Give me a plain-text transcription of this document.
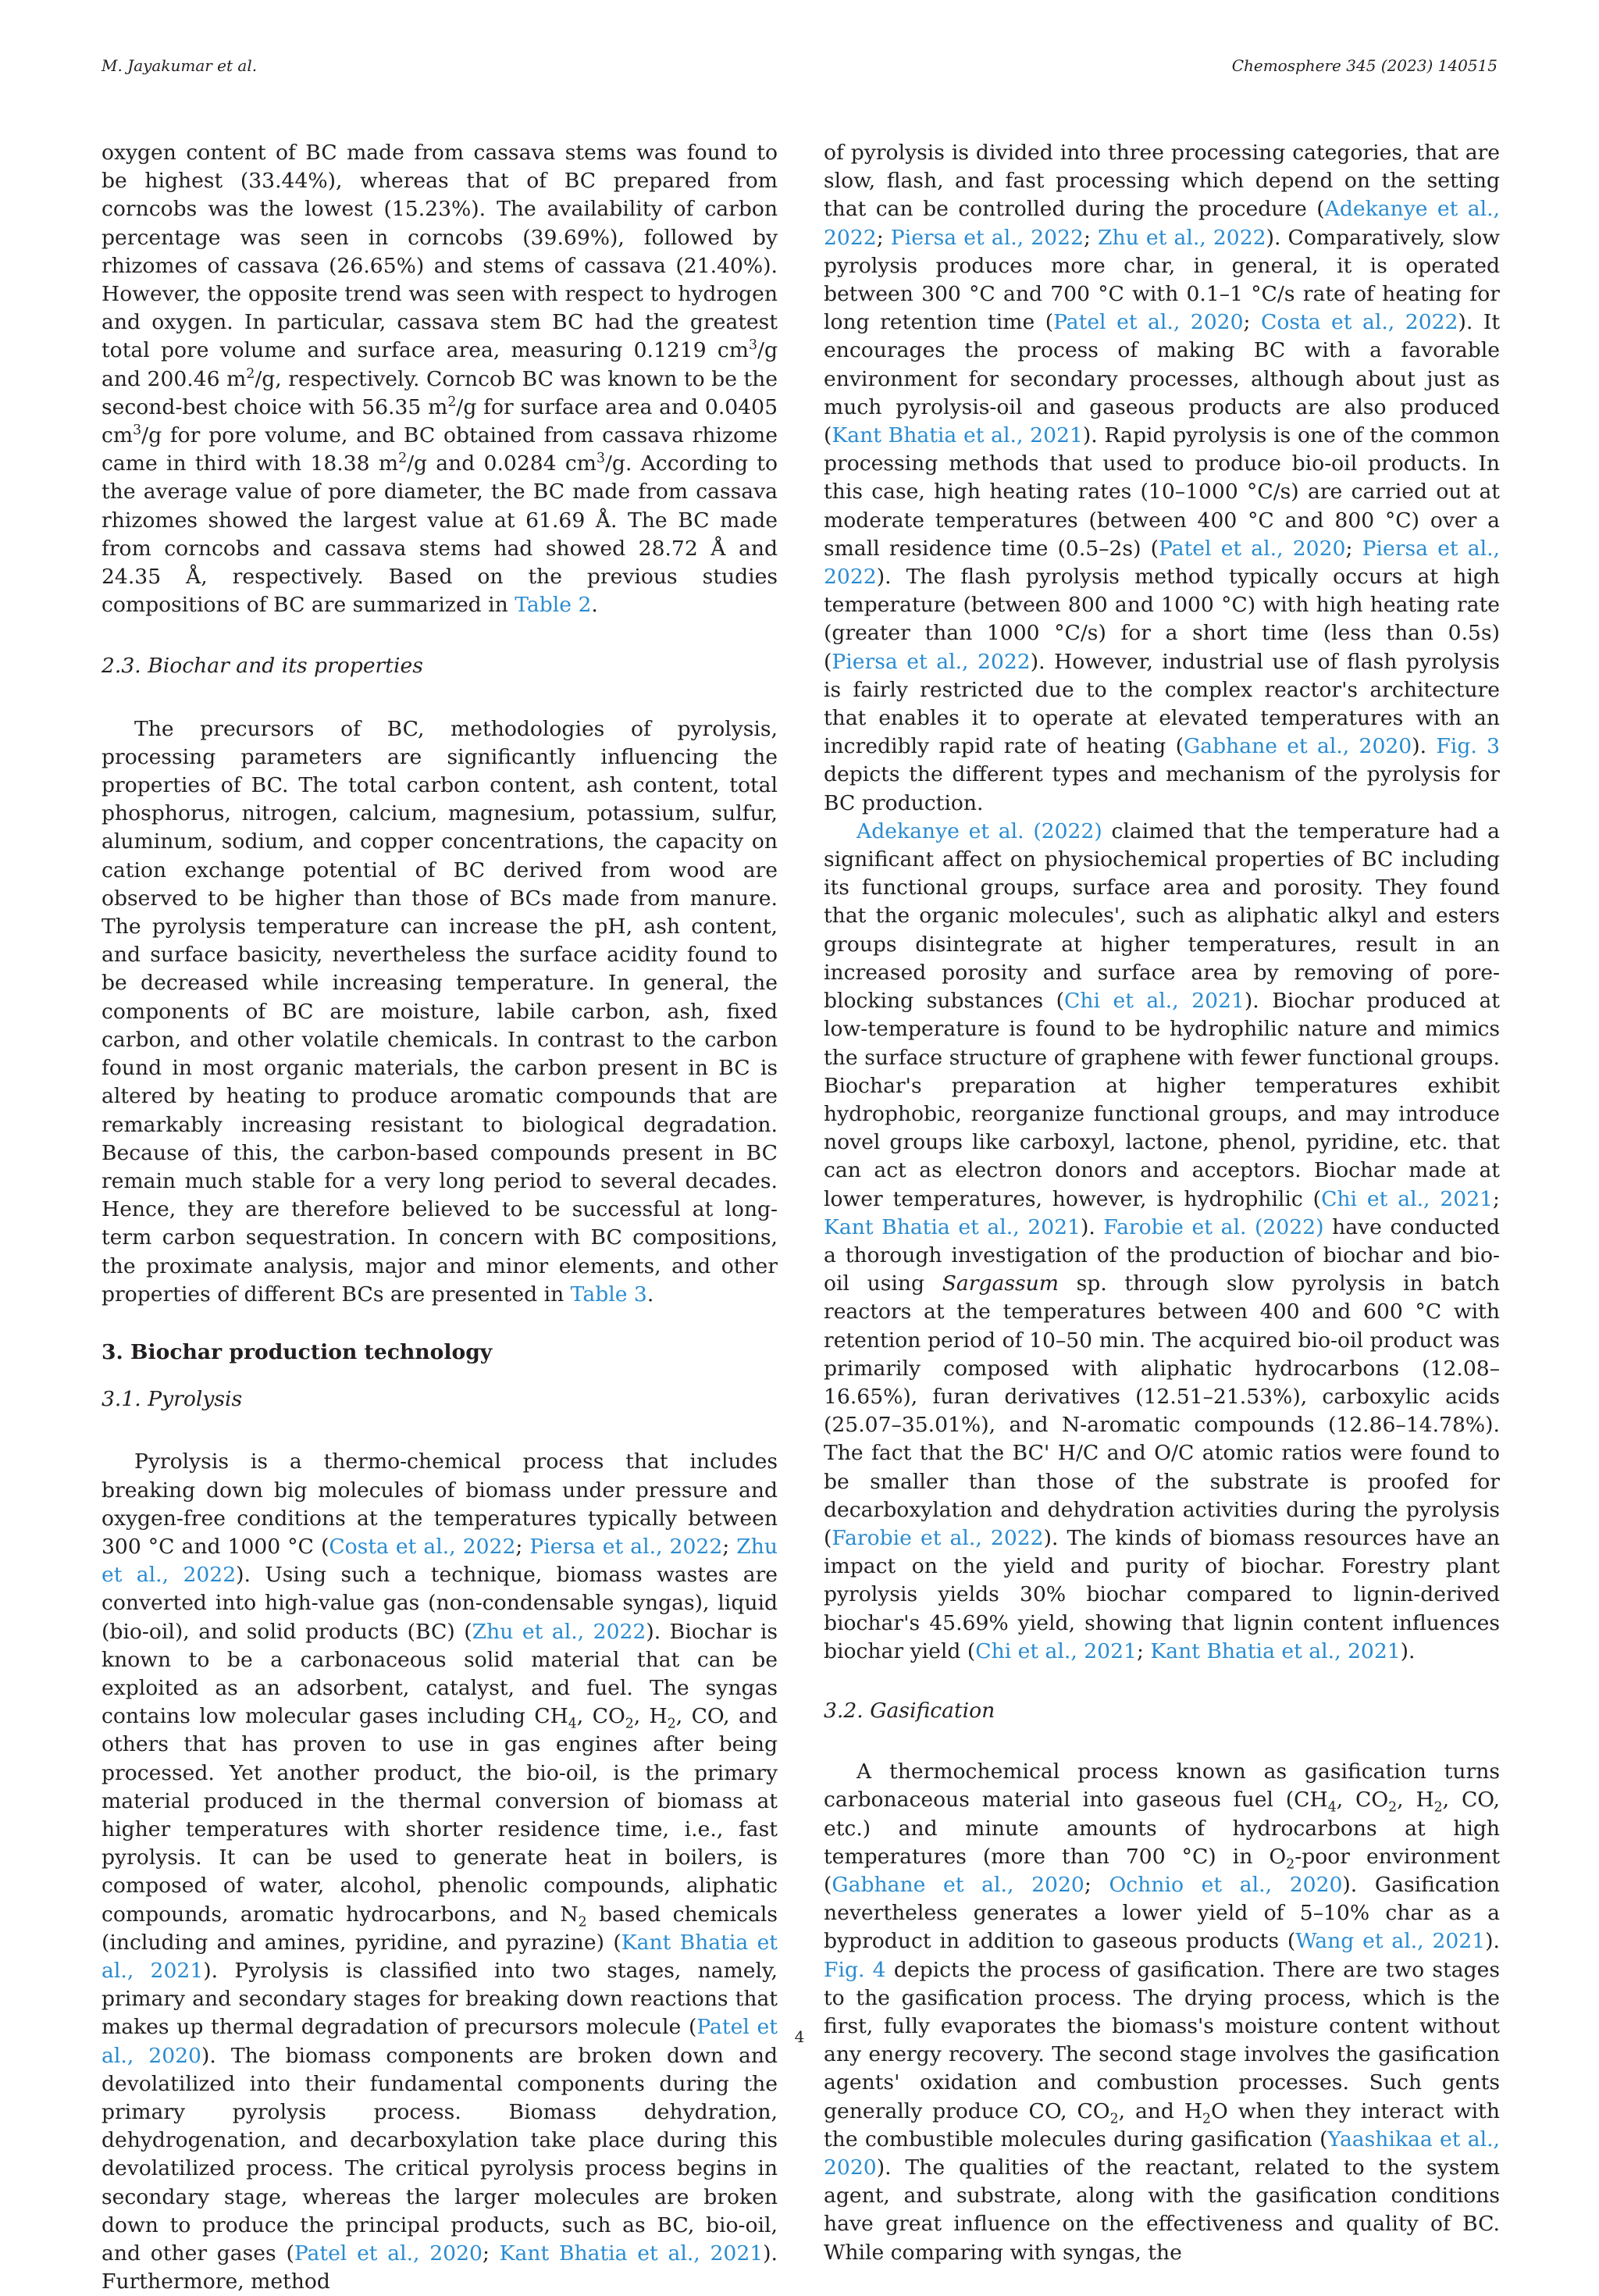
M. Jayakumar et al.	Chemosphere 345 (2023) 140515

oxygen content of BC made from cassava stems was found to be highest (33.44%), whereas that of BC prepared from corncobs was the lowest (15.23%). The availability of carbon percentage was seen in corncobs (39.69%), followed by rhizomes of cassava (26.65%) and stems of cassava (21.40%). However, the opposite trend was seen with respect to hydrogen and oxygen. In particular, cassava stem BC had the greatest total pore volume and surface area, measuring 0.1219 $cm^3/g$ and 200.46 $m^2/g$, respectively. Corncob BC was known to be the second-best choice with 56.35 $m^2/g$ for surface area and 0.0405 $cm^3/g$ for pore volume, and BC obtained from cassava rhizome came in third with 18.38 $m^2/g$ and 0.0284 $cm^3/g$. According to the average value of pore diameter, the BC made from cassava rhizomes showed the largest value at 61.69 Å. The BC made from corncobs and cassava stems had showed 28.72 Å and 24.35 Å, respectively. Based on the previous studies compositions of BC are summarized in Table 2.

2.3. Biochar and its properties

The precursors of BC, methodologies of pyrolysis, processing parameters are significantly influencing the properties of BC. The total carbon content, ash content, total phosphorus, nitrogen, calcium, magnesium, potassium, sulfur, aluminum, sodium, and copper concentrations, the capacity on cation exchange potential of BC derived from wood are observed to be higher than those of BCs made from manure. The pyrolysis temperature can increase the pH, ash content, and surface basicity, nevertheless the surface acidity found to be decreased while increasing temperature. In general, the components of BC are moisture, labile carbon, ash, fixed carbon, and other volatile chemicals. In contrast to the carbon found in most organic materials, the carbon present in BC is altered by heating to produce aromatic compounds that are remarkably increasing resistant to biological degradation. Because of this, the carbon-based compounds present in BC remain much stable for a very long period to several decades. Hence, they are therefore believed to be successful at long-term carbon sequestration. In concern with BC compositions, the proximate analysis, major and minor elements, and other properties of different BCs are presented in Table 3.

3. Biochar production technology
3.1. Pyrolysis

Pyrolysis is a thermo-chemical process that includes breaking down big molecules of biomass under pressure and oxygen-free conditions at the temperatures typically between 300 °C and 1000 °C (Costa et al., 2022; Piersa et al., 2022; Zhu et al., 2022). Using such a technique, biomass wastes are converted into high-value gas (non-condensable syngas), liquid (bio-oil), and solid products (BC) (Zhu et al., 2022). Biochar is known to be a carbonaceous solid material that can be exploited as an adsorbent, catalyst, and fuel. The syngas contains low molecular gases including $CH_4$, $CO_2$, $H_2$, CO, and others that has proven to use in gas engines after being processed. Yet another product, the bio-oil, is the primary material produced in the thermal conversion of biomass at higher temperatures with shorter residence time, i.e., fast pyrolysis. It can be used to generate heat in boilers, is composed of water, alcohol, phenolic compounds, aliphatic compounds, aromatic hydrocarbons, and $N_2$ based chemicals (including and amines, pyridine, and pyrazine) (Kant Bhatia et al., 2021). Pyrolysis is classified into two stages, namely, primary and secondary stages for breaking down reactions that makes up thermal degradation of precursors molecule (Patel et al., 2020). The biomass components are broken down and devolatilized into their fundamental components during the primary pyrolysis process. Biomass dehydration, dehydrogenation, and decarboxylation take place during this devolatilized process. The critical pyrolysis process begins in secondary stage, whereas the larger molecules are broken down to produce the principal products, such as BC, bio-oil, and other gases (Patel et al., 2020; Kant Bhatia et al., 2021). Furthermore, method

of pyrolysis is divided into three processing categories, that are slow, flash, and fast processing which depend on the setting that can be controlled during the procedure (Adekanye et al., 2022; Piersa et al., 2022; Zhu et al., 2022). Comparatively, slow pyrolysis produces more char, in general, it is operated between 300 °C and 700 °C with 0.1–1 °C/s rate of heating for long retention time (Patel et al., 2020; Costa et al., 2022). It encourages the process of making BC with a favorable environment for secondary processes, although about just as much pyrolysis-oil and gaseous products are also produced (Kant Bhatia et al., 2021). Rapid pyrolysis is one of the common processing methods that used to produce bio-oil products. In this case, high heating rates (10–1000 °C/s) are carried out at moderate temperatures (between 400 °C and 800 °C) over a small residence time (0.5–2s) (Patel et al., 2020; Piersa et al., 2022). The flash pyrolysis method typically occurs at high temperature (between 800 and 1000 °C) with high heating rate (greater than 1000 °C/s) for a short time (less than 0.5s) (Piersa et al., 2022). However, industrial use of flash pyrolysis is fairly restricted due to the complex reactor's architecture that enables it to operate at elevated temperatures with an incredibly rapid rate of heating (Gabhane et al., 2020). Fig. 3 depicts the different types and mechanism of the pyrolysis for BC production.

Adekanye et al. (2022) claimed that the temperature had a significant affect on physiochemical properties of BC including its functional groups, surface area and porosity. They found that the organic molecules', such as aliphatic alkyl and esters groups disintegrate at higher temperatures, result in an increased porosity and surface area by removing of pore-blocking substances (Chi et al., 2021). Biochar produced at low-temperature is found to be hydrophilic nature and mimics the surface structure of graphene with fewer functional groups. Biochar's preparation at higher temperatures exhibit hydrophobic, reorganize functional groups, and may introduce novel groups like carboxyl, lactone, phenol, pyridine, etc. that can act as electron donors and acceptors. Biochar made at lower temperatures, however, is hydrophilic (Chi et al., 2021; Kant Bhatia et al., 2021). Farobie et al. (2022) have conducted a thorough investigation of the production of biochar and bio-oil using Sargassum sp. through slow pyrolysis in batch reactors at the temperatures between 400 and 600 °C with retention period of 10–50 min. The acquired bio-oil product was primarily composed with aliphatic hydrocarbons (12.08–16.65%), furan derivatives (12.51–21.53%), carboxylic acids (25.07–35.01%), and N-aromatic compounds (12.86–14.78%). The fact that the BC' H/C and O/C atomic ratios were found to be smaller than those of the substrate is proofed for decarboxylation and dehydration activities during the pyrolysis (Farobie et al., 2022). The kinds of biomass resources have an impact on the yield and purity of biochar. Forestry plant pyrolysis yields 30% biochar compared to lignin-derived biochar's 45.69% yield, showing that lignin content influences biochar yield (Chi et al., 2021; Kant Bhatia et al., 2021).

3.2. Gasification

A thermochemical process known as gasification turns carbonaceous material into gaseous fuel ($CH_4$, $CO_2$, $H_2$, CO, etc.) and minute amounts of hydrocarbons at high temperatures (more than 700 °C) in $O_2$-poor environment (Gabhane et al., 2020; Ochnio et al., 2020). Gasification nevertheless generates a lower yield of 5–10% char as a byproduct in addition to gaseous products (Wang et al., 2021). Fig. 4 depicts the process of gasification. There are two stages to the gasification process. The drying process, which is the first, fully evaporates the biomass's moisture content without any energy recovery. The second stage involves the gasification agents' oxidation and combustion processes. Such gents generally produce CO, $CO_2$, and $H_2O$ when they interact with the combustible molecules during gasification (Yaashikaa et al., 2020). The qualities of the reactant, related to the system agent, and substrate, along with the gasification conditions have great influence on the effectiveness and quality of BC. While comparing with syngas, the

4
